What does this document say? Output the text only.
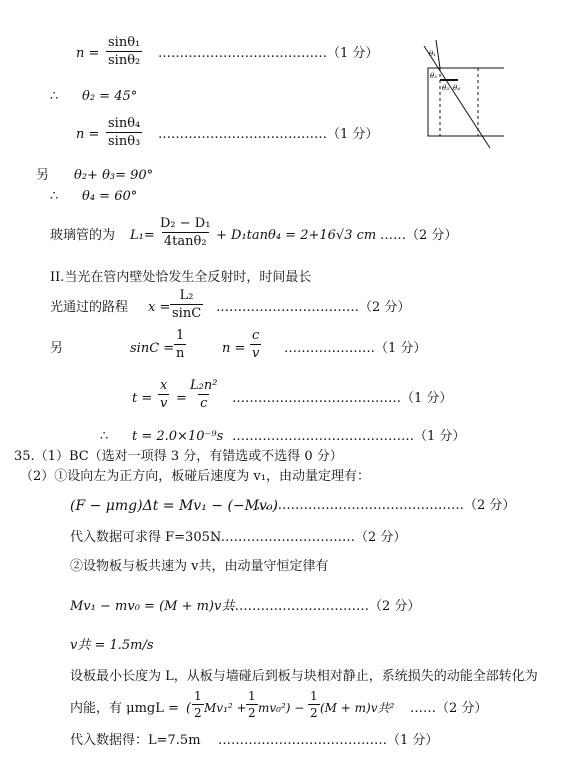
$n = \frac{\text{sinθ₁}}{\text{sinθ₂}}$ …………………………………（1 分）
∴ θ₂ = 45°
$n = \frac{\text{sinθ₄}}{\text{sinθ₃}}$ …………………………………（1 分）
另 θ₂+ θ₃= 90°
∴ θ₄ = 60°
玻璃管的为 $L_1= \frac{\text{D₂ − D₁}}{\text{4tanθ₂}} + D_1\tan\theta_4 = 2+16√3$ cm ……（2 分）
II.当光在管内壁处恰发生全反射时，时间最长
光通过的路程 $x = \frac{\text{L₂}}{\sin C}$ ……………………………（2 分）
另	$\sin C = \frac{1}{n}$	$n = \frac{c}{v}$ …………………（1 分）
$t = \frac{x}{v} = \frac{\text{L₂n²}}{c}$ …………………………………（1 分）
∴ t = 2.0×10⁻⁹s ……………………………………（1 分）
35.（1）BC（选对一项得 3 分，有错选或不选得 0 分）
（2）①设向左为正方向，板碰后速度为 v₁，由动量定理有：
(F − μmg)Δt = Mv₁ − (−Mv₀)
…………………………………………（2 分）
代入数据可求得 F=305N
……………………………（2 分）
②设物板与板共速为 v共，由动量守恒定律有
Mv₁ − mv₀ = (M + m)v共
……………………………（2 分）
v共 = 1.5m/s
设板最小长度为 L，从板与墙碰后到板与块相对静止，系统损失的动能全部转化为
内能，有 μmgL = ( $\frac{1}{2} Mv_1^2 + \frac{1}{2} mv_0^2) - \frac{1}{2} (M + m)v$共² ……（2 分）
代入数据得：L=7.5m …………………………………（1 分）
θ₁
θ₂
θ₃ θ₄
